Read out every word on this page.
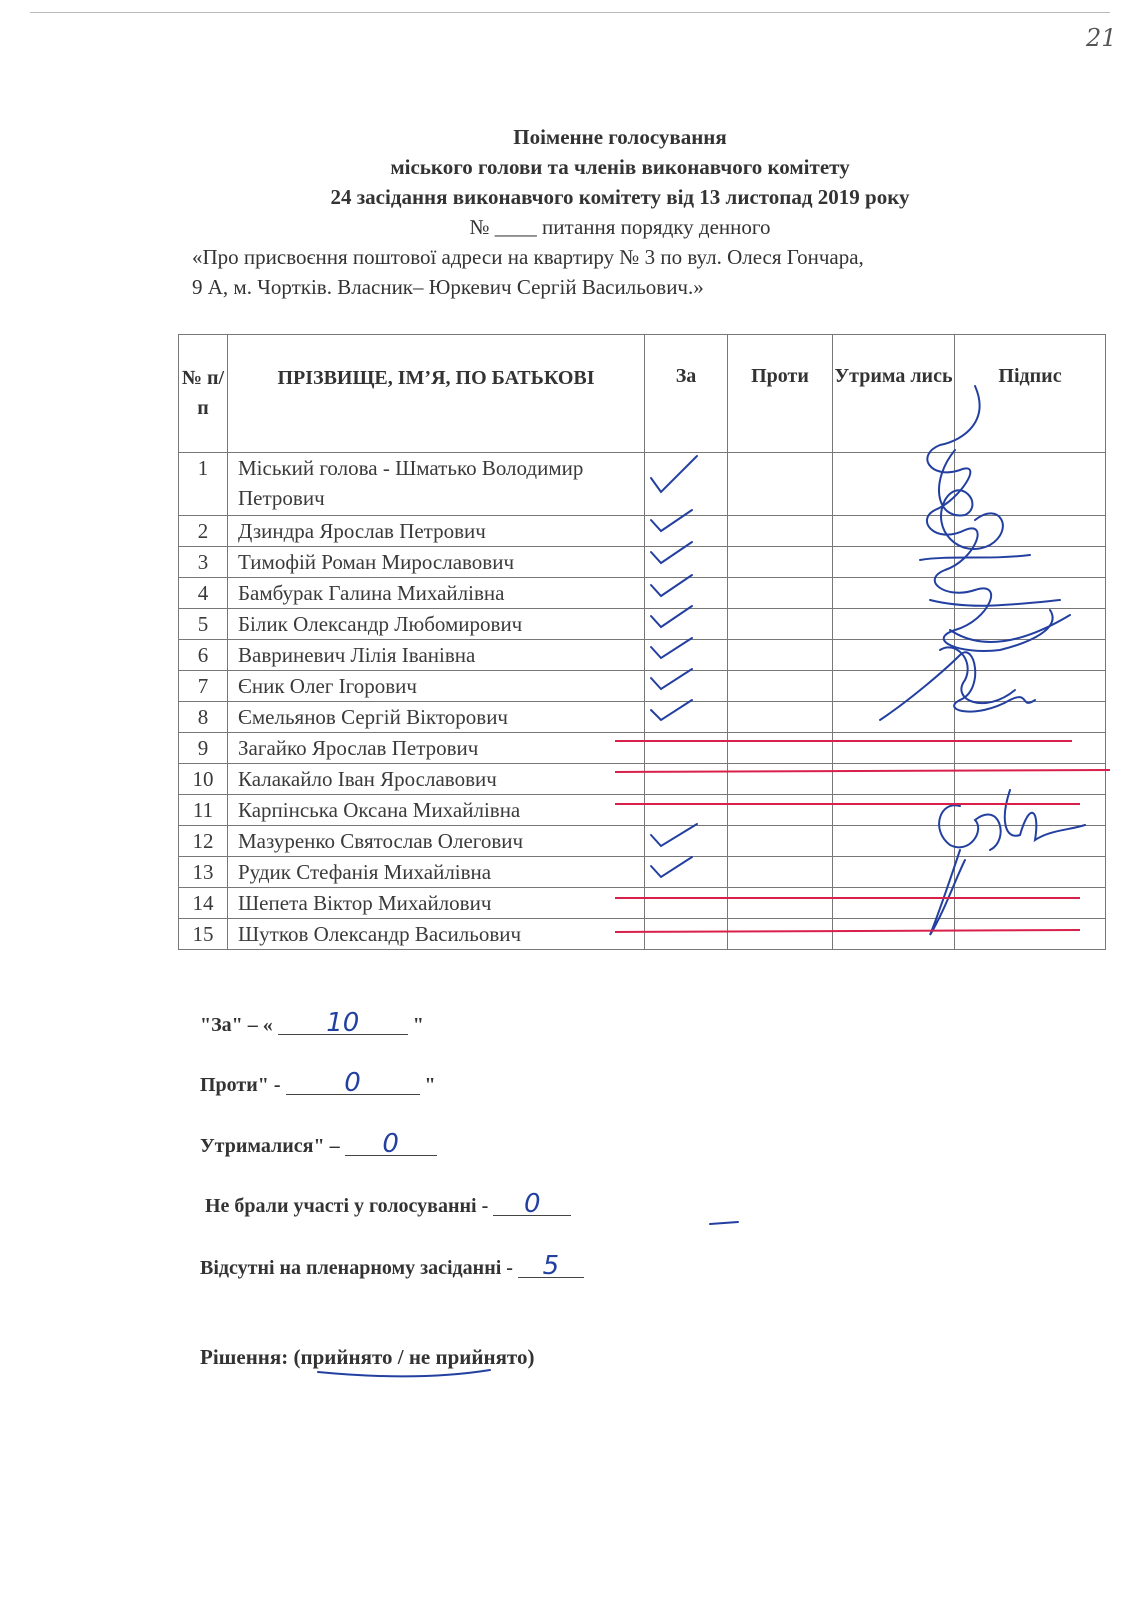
21
Поіменне голосування
міського голови та членів виконавчого комітету
24 засідання виконавчого комітету від 13 листопад 2019 року
№ ____ питання порядку денного
«Про присвоєння поштової адреси на квартиру № 3 по вул. Олеся Гончара,
9 А, м. Чортків. Власник– Юркевич Сергій Васильович.»
№ п/п	ПРІЗВИЩЕ, ІМ’Я, ПО БАТЬКОВІ	За	Проти	Утрима лись	Підпис
1	Міський голова - Шматько Володимир Петрович				
2	Дзиндра Ярослав Петрович				
3	Тимофій Роман Мирославович				
4	Бамбурак Галина Михайлівна				
5	Білик Олександр Любомирович				
6	Вавриневич Лілія Іванівна				
7	Єник Олег Ігорович				
8	Ємельянов Сергій Вікторович				
9	Загайко Ярослав Петрович				
10	Калакайло Іван Ярославович				
11	Карпінська Оксана Михайлівна				
12	Мазуренко Святослав Олегович				
13	Рудик Стефанія Михайлівна				
14	Шепета Віктор Михайлович				
15	Шутков Олександр Васильович				
"За" – « 10	"
Проти" - 0	"
Утрималися" – 0
Не брали участі у голосуванні - 0
Відсутні на пленарному засіданні - 5
Рішення: (прийнято / не прийнято)
